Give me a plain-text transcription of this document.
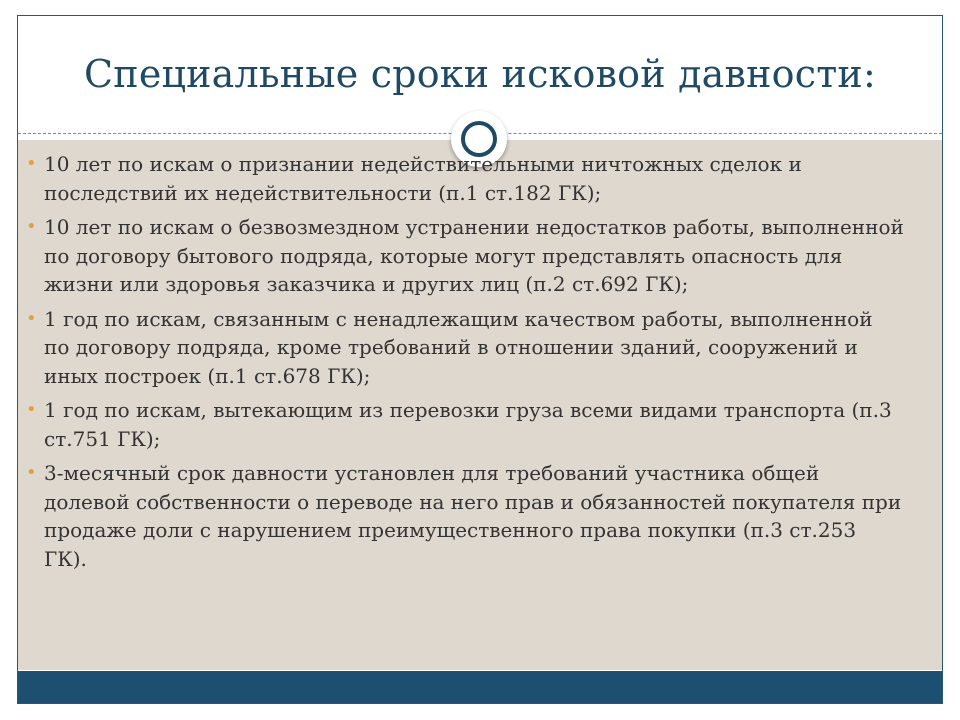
Специальные сроки исковой давности:
• 10 лет по искам о признании недействительными ничтожных сделок и последствий их недействительности (п.1 ст.182 ГК);
• 10 лет по искам о безвозмездном устранении недостатков работы, выполненной по договору бытового подряда, которые могут представлять опасность для жизни или здоровья заказчика и других лиц (п.2 ст.692 ГК);
• 1 год по искам, связанным с ненадлежащим качеством работы, выполненной по договору подряда, кроме требований в отношении зданий, сооружений и иных построек (п.1 ст.678 ГК);
• 1 год по искам, вытекающим из перевозки груза всеми видами транспорта (п.3 ст.751 ГК);
• 3-месячный срок давности установлен для требований участника общей долевой собственности о переводе на него прав и обязанностей покупателя при продаже доли с нарушением преимущественного права покупки (п.3 ст.253 ГК).
